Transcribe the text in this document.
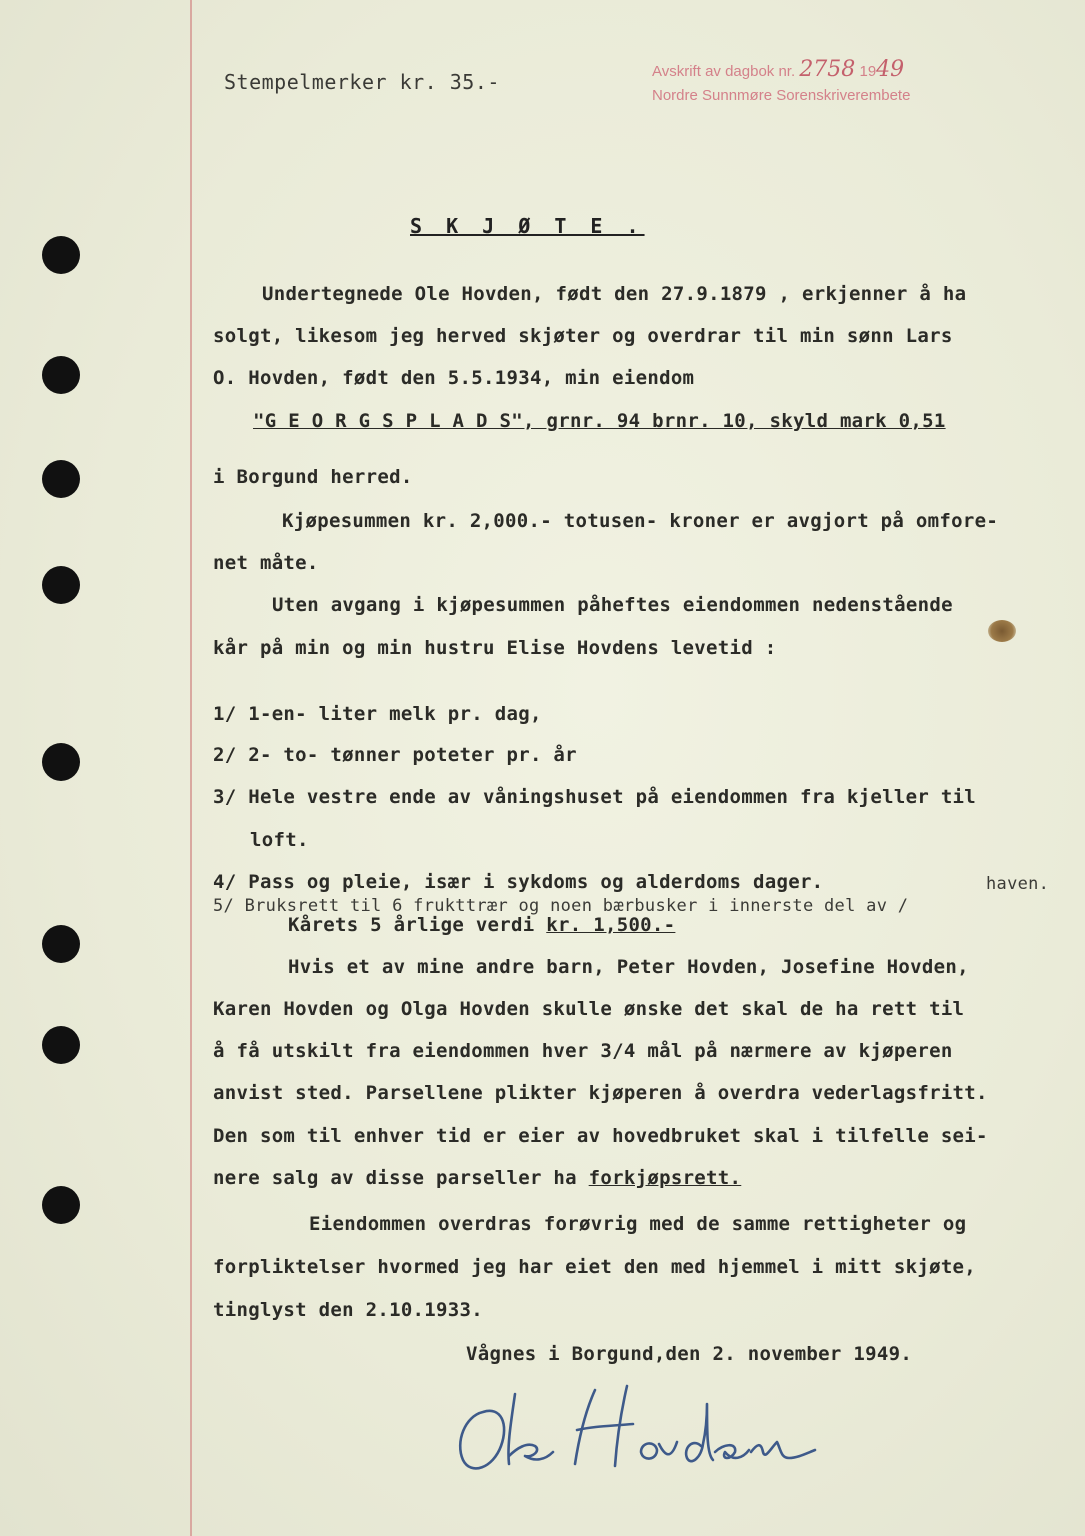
Stempelmerker kr. 35.-	Avskrift av dagbok nr. 2758 1949
Nordre Sunnmøre Sorenskriverembete
S K J Ø T E .
Undertegnede Ole Hovden, født den 27.9.1879 , erkjenner å ha
solgt, likesom jeg herved skjøter og overdrar til min sønn Lars
O. Hovden, født den 5.5.1934, min eiendom
"G E O R G S P L A D S", grnr. 94 brnr. 10, skyld mark 0,51
i Borgund herred.
Kjøpesummen kr. 2,000.- totusen- kroner er avgjort på omfore-
net måte.
Uten avgang i kjøpesummen påheftes eiendommen nedenstående
kår på min og min hustru Elise Hovdens levetid :
1/ 1-en- liter melk pr. dag,
2/ 2- to- tønner poteter pr. år
3/ Hele vestre ende av våningshuset på eiendommen fra kjeller til
loft.
4/ Pass og pleie, især i sykdoms og alderdoms dager.	haven.
5/ Bruksrett til 6 frukttrær og noen bærbusker i innerste del av /
Kårets 5 årlige verdi kr. 1,500.-
Hvis et av mine andre barn, Peter Hovden, Josefine Hovden,
Karen Hovden og Olga Hovden skulle ønske det skal de ha rett til
å få utskilt fra eiendommen hver 3/4 mål på nærmere av kjøperen
anvist sted. Parsellene plikter kjøperen å overdra vederlagsfritt.
Den som til enhver tid er eier av hovedbruket skal i tilfelle sei-
nere salg av disse parseller ha forkjøpsrett.
Eiendommen overdras forøvrig med de samme rettigheter og
forpliktelser hvormed jeg har eiet den med hjemmel i mitt skjøte,
tinglyst den 2.10.1933.
Vågnes i Borgund,den 2. november 1949.
